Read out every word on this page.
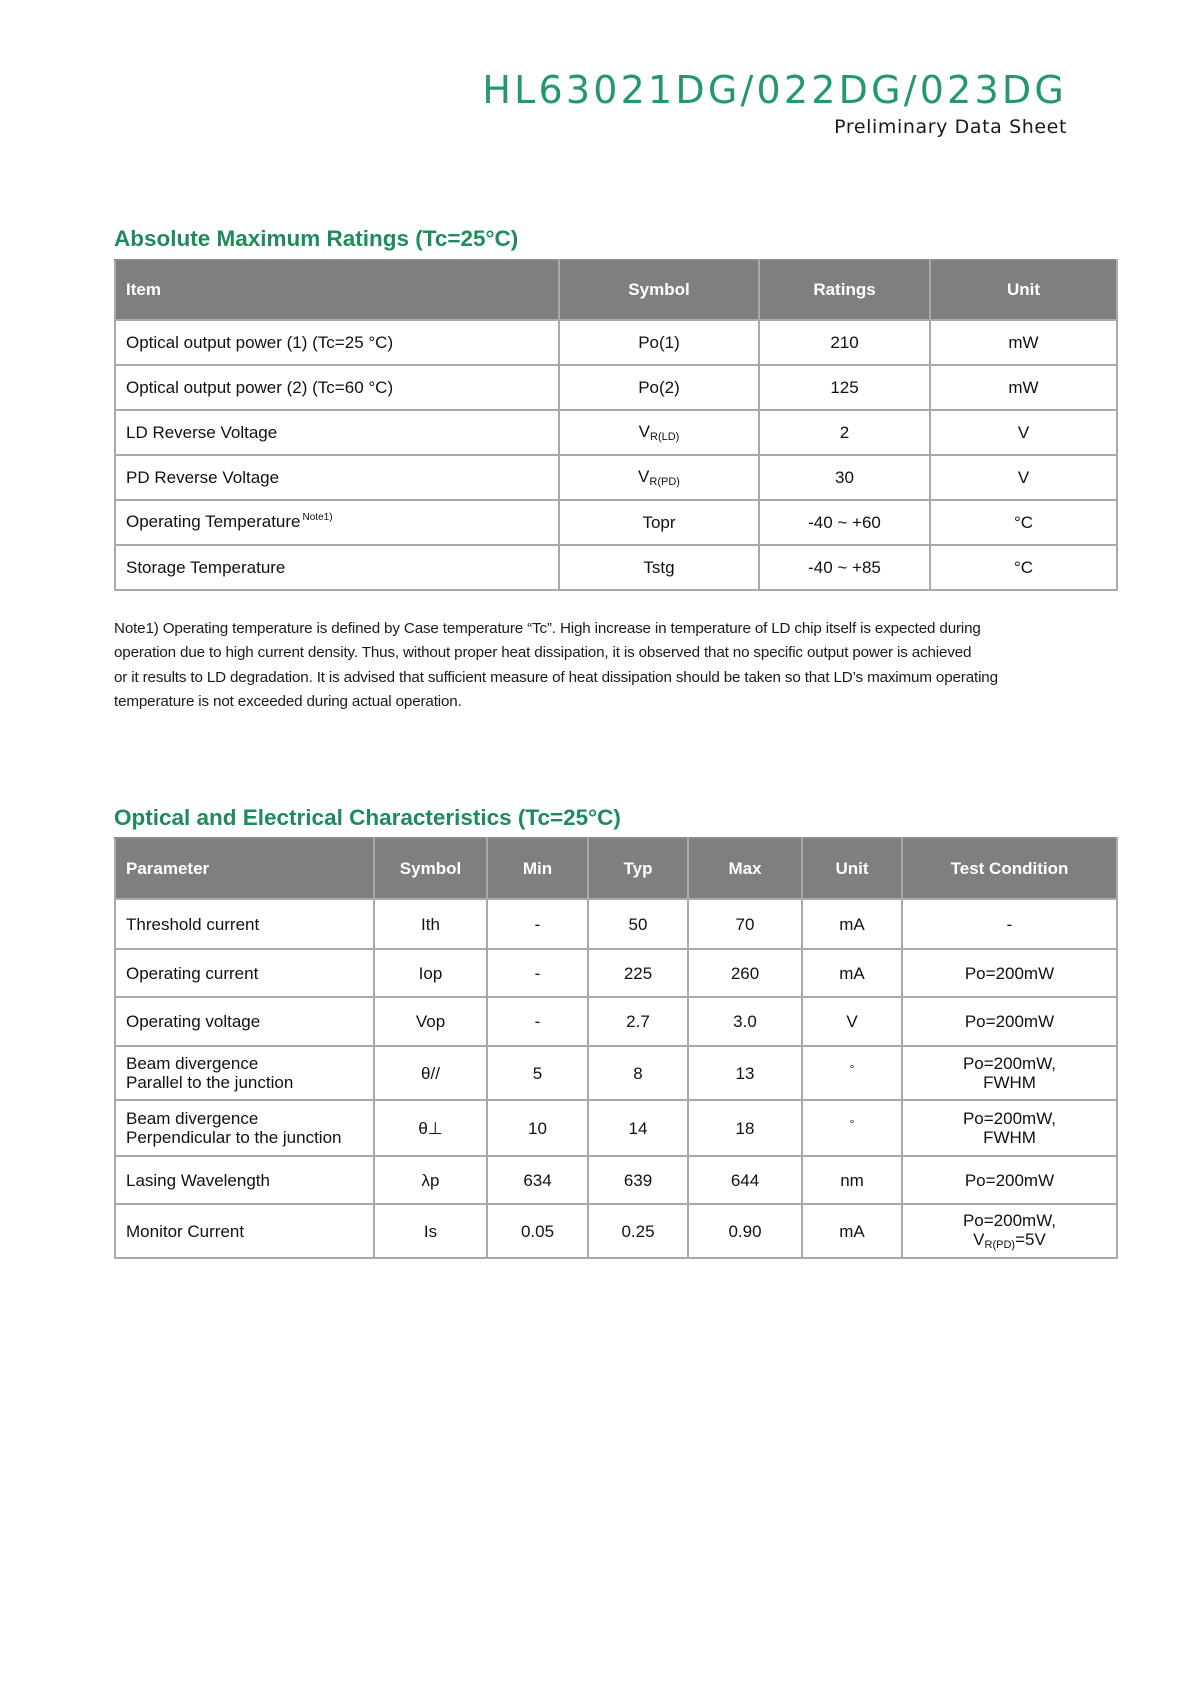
HL63021DG/022DG/023DG
Preliminary Data Sheet
Absolute Maximum Ratings (Tc=25°C)
Item	Symbol	Ratings	Unit
Optical output power (1) (Tc=25 °C)	Po(1)	210	mW
Optical output power (2) (Tc=60 °C)	Po(2)	125	mW
LD Reverse Voltage	VR(LD)	2	V
PD Reverse Voltage	VR(PD)	30	V
Operating Temperature $^{Note1)}$	Topr	-40 ~ +60	°C
Storage Temperature	Tstg	-40 ~ +85	°C
Note1) Operating temperature is defined by Case temperature “Tc”. High increase in temperature of LD chip itself is expected during
operation due to high current density. Thus, without proper heat dissipation, it is observed that no specific output power is achieved
or it results to LD degradation. It is advised that sufficient measure of heat dissipation should be taken so that LD’s maximum operating
temperature is not exceeded during actual operation.
Optical and Electrical Characteristics (Tc=25°C)
Parameter	Symbol	Min	Typ	Max	Unit	Test Condition
Threshold current	Ith	-	50	70	mA	-
Operating current	Iop	-	225	260	mA	Po=200mW
Operating voltage	Vop	-	2.7	3.0	V	Po=200mW

Beam divergence
Parallel to the junction	θ//	5	8	13	°	Po=200mW,
FWHM

Beam divergence
Perpendicular to the junction	θ⊥	10	14	18	°	Po=200mW,
FWHM

Lasing Wavelength	λp	634	639	644	nm	Po=200mW
Monitor Current	Is	0.05	0.25	0.90	mA	Po=200mW,
VR(PD)=5V
